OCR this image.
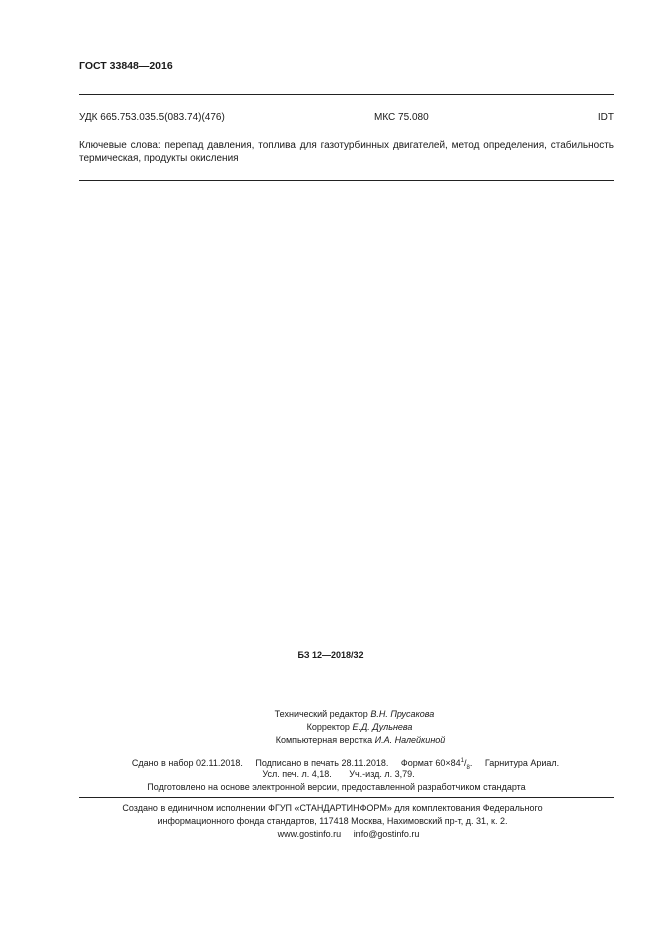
ГОСТ 33848—2016
УДК 665.753.035.5(083.74)(476)	МКС 75.080	IDT
Ключевые слова: перепад давления, топлива для газотурбинных двигателей, метод определения, стабильность термическая, продукты окисления
БЗ 12—2018/32
Технический редактор В.Н. Прусакова
Корректор Е.Д. Дульнева
Компьютерная верстка И.А. Налейкиной
Сдано в набор 02.11.2018. Подписано в печать 28.11.2018. Формат $60\times 84^1/_8$. Гарнитура Ариал.
Усл. печ. л. 4,18. Уч.-изд. л. 3,79.
Подготовлено на основе электронной версии, предоставленной разработчиком стандарта
Создано в единичном исполнении ФГУП «СТАНДАРТИНФОРМ» для комплектования Федерального
информационного фонда стандартов, 117418 Москва, Нахимовский пр-т, д. 31, к. 2.
www.gostinfo.ru info@gostinfo.ru
